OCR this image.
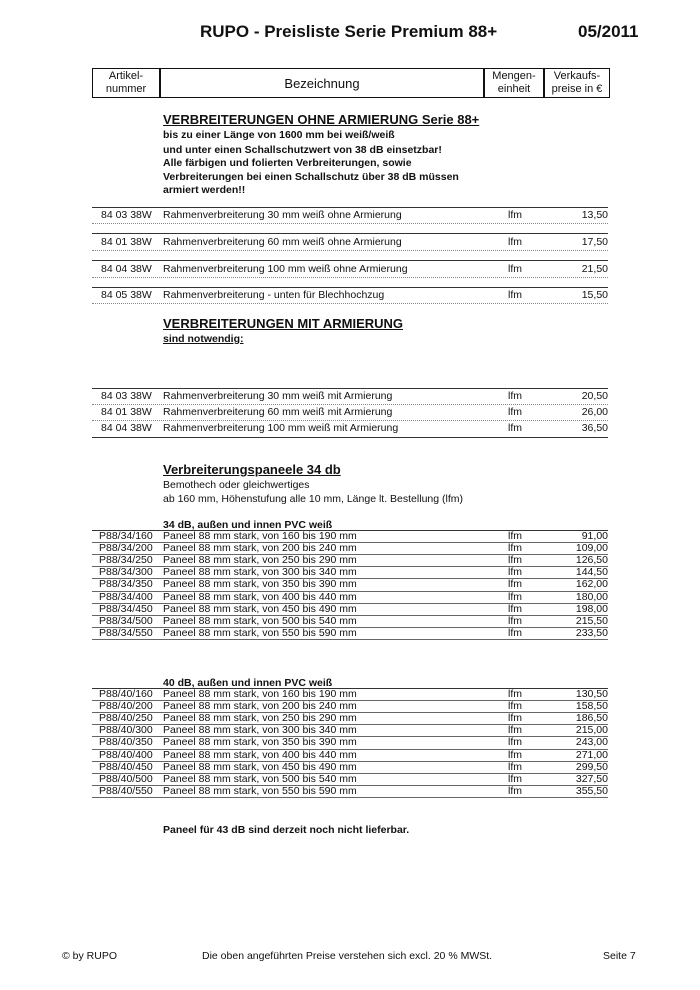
RUPO - Preisliste Serie Premium 88+	05/2011
Artikel-
nummer	Bezeichnung	Mengen-
einheit
Verkaufs-
preise in €
VERBREITERUNGEN OHNE ARMIERUNG Serie 88+
bis zu einer Länge von 1600 mm bei weiß/weiß
und unter einen Schallschutzwert von 38 dB einsetzbar!
Alle färbigen und folierten Verbreiterungen, sowie
Verbreiterungen bei einen Schallschutz über 38 dB müssen
armiert werden!!
84 03 38W Rahmenverbreiterung 30 mm weiß ohne Armierung	lfm	13,50
84 01 38W Rahmenverbreiterung 60 mm weiß ohne Armierung	lfm	17,50
84 04 38W Rahmenverbreiterung 100 mm weiß ohne Armierung	lfm	21,50
84 05 38W Rahmenverbreiterung - unten für Blechhochzug	lfm	15,50
VERBREITERUNGEN MIT ARMIERUNG
sind notwendig:
84 03 38W Rahmenverbreiterung 30 mm weiß mit Armierung	lfm	20,50
84 01 38W Rahmenverbreiterung 60 mm weiß mit Armierung	lfm	26,00
84 04 38W Rahmenverbreiterung 100 mm weiß mit Armierung	lfm	36,50
Verbreiterungspaneele 34 db
Bemothech oder gleichwertiges
ab 160 mm, Höhenstufung alle 10 mm, Länge lt. Bestellung (lfm)
34 dB, außen und innen PVC weiß
P88/34/160 Paneel 88 mm stark, von 160 bis 190 mm	lfm	91,00
P88/34/200 Paneel 88 mm stark, von 200 bis 240 mm	lfm	109,00
P88/34/250 Paneel 88 mm stark, von 250 bis 290 mm	lfm	126,50
P88/34/300 Paneel 88 mm stark, von 300 bis 340 mm	lfm	144,50
P88/34/350 Paneel 88 mm stark, von 350 bis 390 mm	lfm	162,00
P88/34/400 Paneel 88 mm stark, von 400 bis 440 mm	lfm	180,00
P88/34/450 Paneel 88 mm stark, von 450 bis 490 mm	lfm	198,00
P88/34/500 Paneel 88 mm stark, von 500 bis 540 mm	lfm	215,50
P88/34/550 Paneel 88 mm stark, von 550 bis 590 mm	lfm	233,50
40 dB, außen und innen PVC weiß
P88/40/160 Paneel 88 mm stark, von 160 bis 190 mm	lfm	130,50
P88/40/200 Paneel 88 mm stark, von 200 bis 240 mm	lfm	158,50
P88/40/250 Paneel 88 mm stark, von 250 bis 290 mm	lfm	186,50
P88/40/300 Paneel 88 mm stark, von 300 bis 340 mm	lfm	215,00
P88/40/350 Paneel 88 mm stark, von 350 bis 390 mm	lfm	243,00
P88/40/400 Paneel 88 mm stark, von 400 bis 440 mm	lfm	271,00
P88/40/450 Paneel 88 mm stark, von 450 bis 490 mm	lfm	299,50
P88/40/500 Paneel 88 mm stark, von 500 bis 540 mm	lfm	327,50
P88/40/550 Paneel 88 mm stark, von 550 bis 590 mm	lfm	355,50
Paneel für 43 dB sind derzeit noch nicht lieferbar.
© by RUPO	Die oben angeführten Preise verstehen sich excl. 20 % MWSt.	Seite 7
